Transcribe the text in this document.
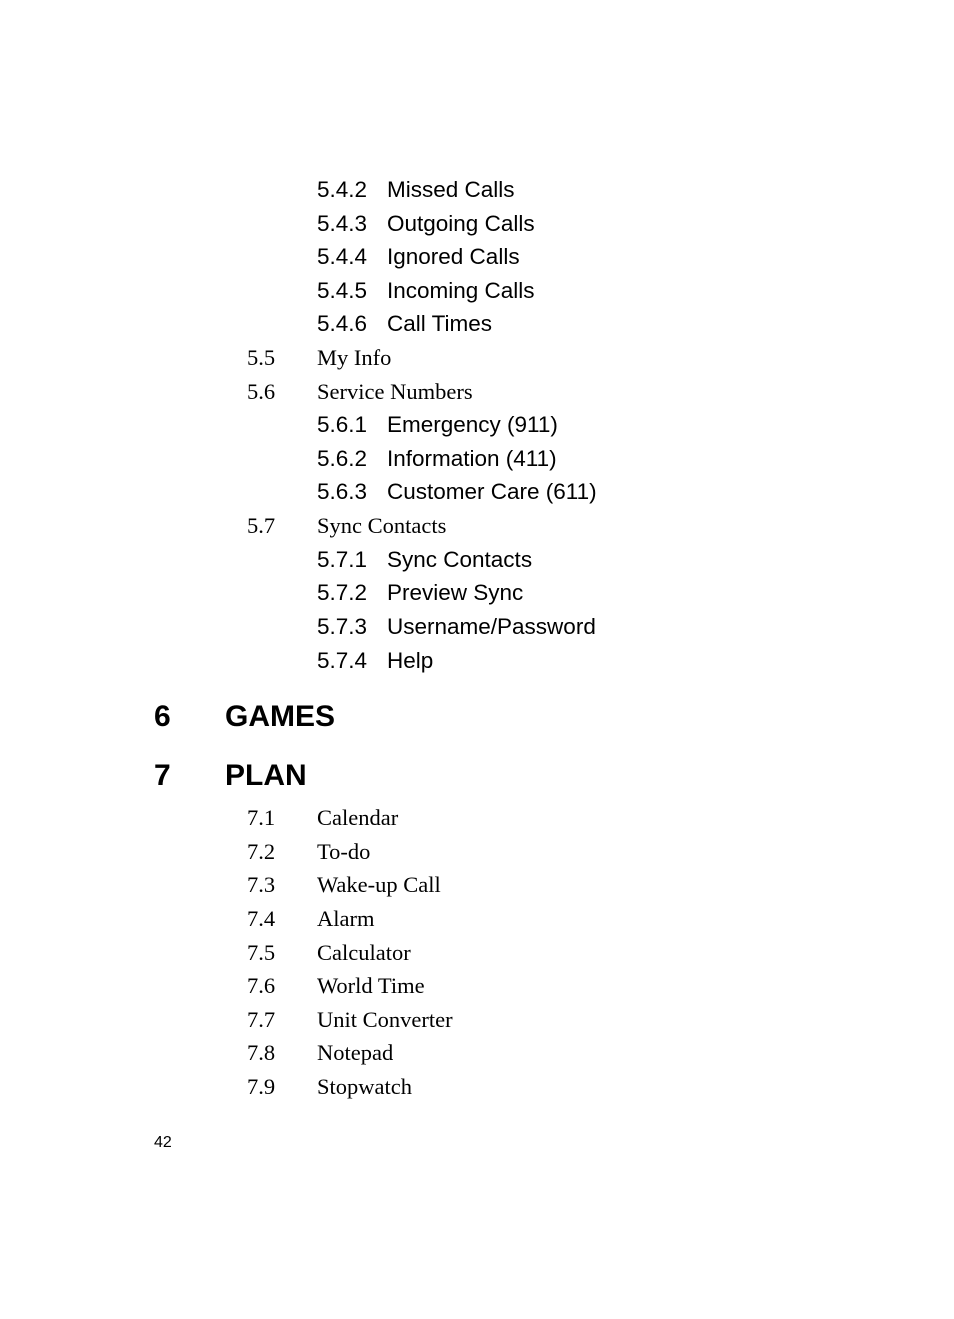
5.4.2 Missed Calls
5.4.3 Outgoing Calls
5.4.4 Ignored Calls
5.4.5 Incoming Calls
5.4.6 Call Times
5.5 My Info
5.6 Service Numbers
5.6.1 Emergency (911)
5.6.2 Information (411)
5.6.3 Customer Care (611)
5.7 Sync Contacts
5.7.1 Sync Contacts
5.7.2 Preview Sync
5.7.3 Username/Password
5.7.4 Help
6 GAMES
7 PLAN
7.1 Calendar
7.2 To-do
7.3 Wake-up Call
7.4 Alarm
7.5 Calculator
7.6 World Time
7.7 Unit Converter
7.8 Notepad
7.9 Stopwatch
42
